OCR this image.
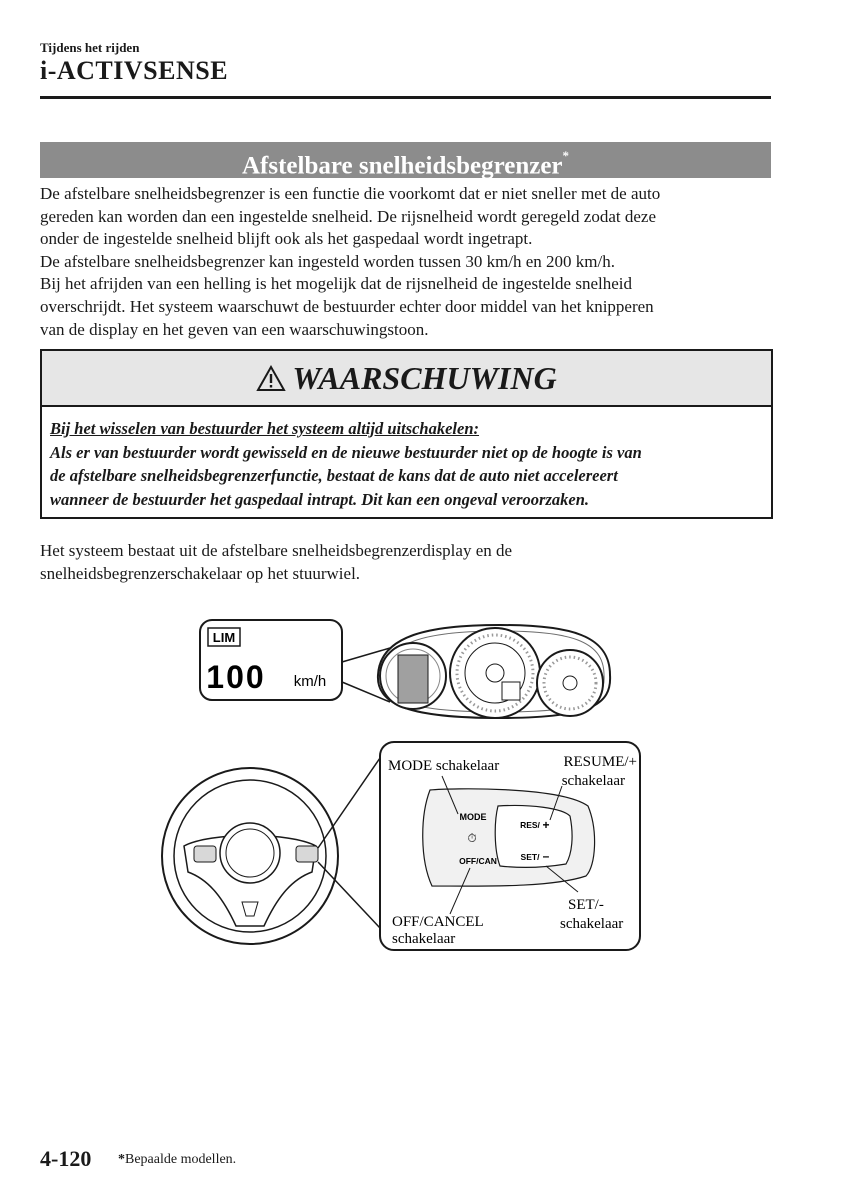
Tijdens het rijden
i-ACTIVSENSE
Afstelbare snelheidsbegrenzer*

De afstelbare snelheidsbegrenzer is een functie die voorkomt dat er niet sneller met de auto

gereden kan worden dan een ingestelde snelheid. De rijsnelheid wordt geregeld zodat deze

onder de ingestelde snelheid blijft ook als het gaspedaal wordt ingetrapt.

De afstelbare snelheidsbegrenzer kan ingesteld worden tussen 30 km/h en 200 km/h.

Bij het afrijden van een helling is het mogelijk dat de rijsnelheid de ingestelde snelheid

overschrijdt. Het systeem waarschuwt de bestuurder echter door middel van het knipperen

van de display en het geven van een waarschuwingstoon.

WAARSCHUWING

Bij het wisselen van bestuurder het systeem altijd uitschakelen:

Als er van bestuurder wordt gewisseld en de nieuwe bestuurder niet op de hoogte is van

de afstelbare snelheidsbegrenzerfunctie, bestaat de kans dat de auto niet accelereert

wanneer de bestuurder het gaspedaal intrapt. Dit kan een ongeval veroorzaken.

Het systeem bestaat uit de afstelbare snelheidsbegrenzerdisplay en de

snelheidsbegrenzerschakelaar op het stuurwiel.

LIM
100 km/h
MODE
⏱
OFF/CAN
RES/ +
SET/ –
MODE schakelaar	RESUME/+
schakelaar
SET/-
schakelaar
OFF/CANCEL
schakelaar
4-120 *Bepaalde modellen.
